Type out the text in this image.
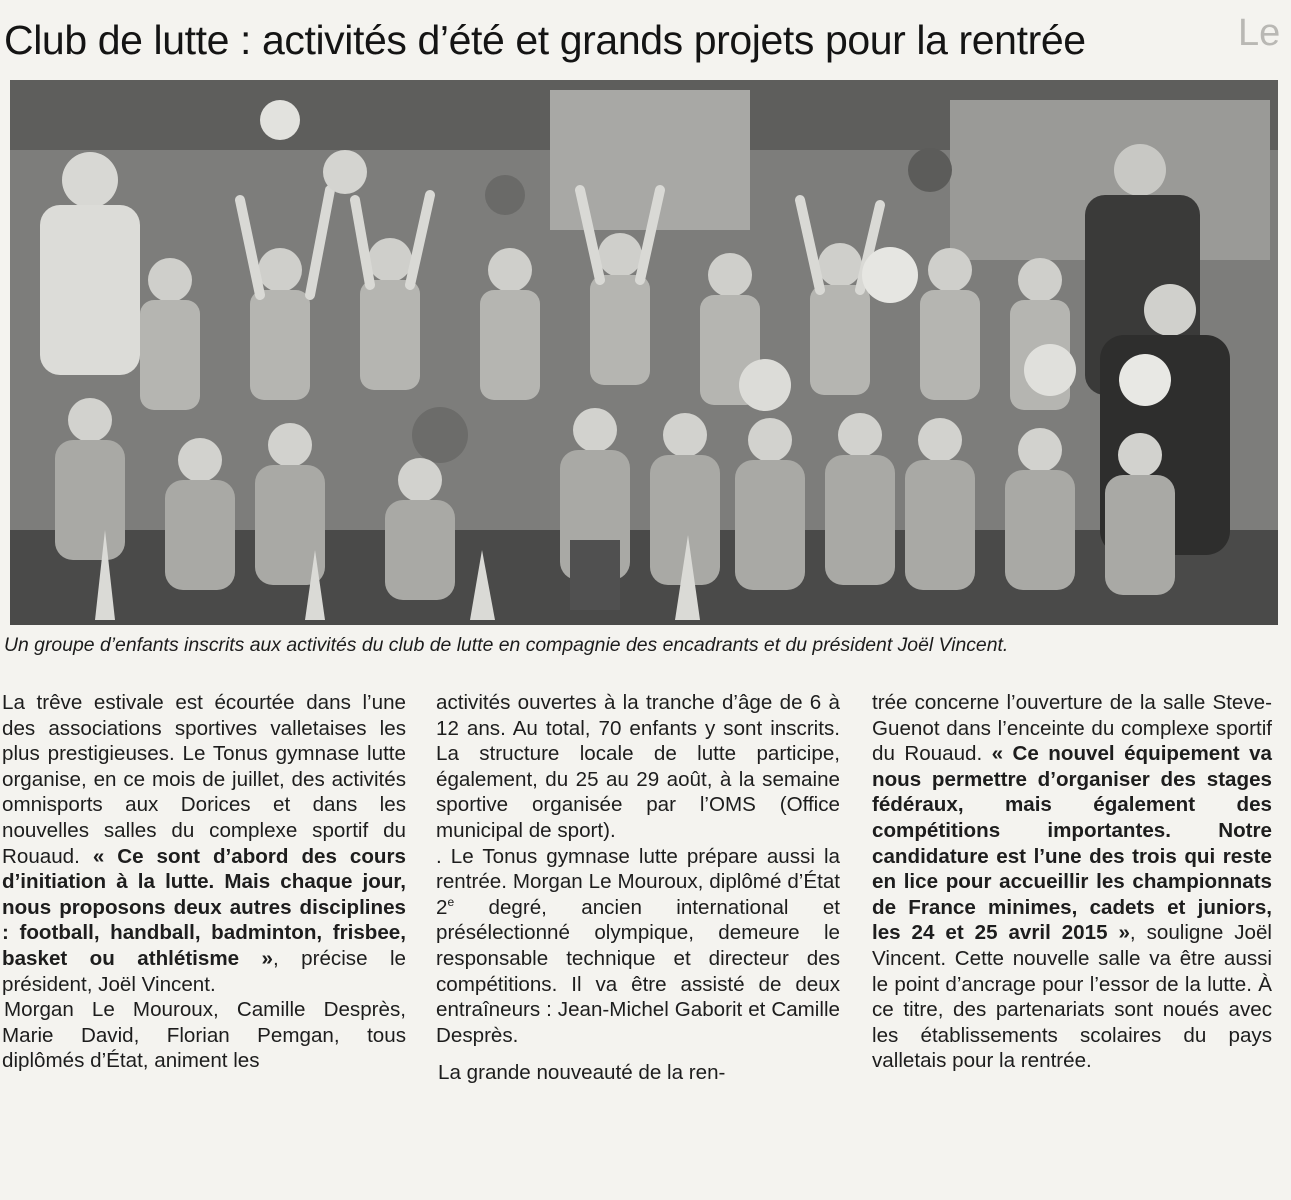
Club de lutte : activités d’été et grands projets pour la rentrée	Le
Un groupe d’enfants inscrits aux activités du club de lutte en compagnie des encadrants et du président Joël Vincent.

La trêve estivale est écourtée dans l’une des associations sportives valletaises les plus prestigieuses. Le Tonus gymnase lutte organise, en ce mois de juillet, des activités omnisports aux Dorices et dans les nouvelles salles du complexe sportif du Rouaud. « Ce sont d’abord des cours d’initiation à la lutte. Mais chaque jour, nous proposons deux autres disciplines : football, handball, badminton, frisbee, basket ou athlétisme », précise le président, Joël Vincent.

Morgan Le Mouroux, Camille Desprès, Marie David, Florian Pemgan, tous diplômés d’État, animent les

activités ouvertes à la tranche d’âge de 6 à 12 ans. Au total, 70 enfants y sont inscrits. La structure locale de lutte participe, également, du 25 au 29 août, à la semaine sportive organisée par l’OMS (Office municipal de sport).

. Le Tonus gymnase lutte prépare aussi la rentrée. Morgan Le Mouroux, diplômé d’État 2e degré, ancien international et présélectionné olympique, demeure le responsable technique et directeur des compétitions. Il va être assisté de deux entraîneurs : Jean-Michel Gaborit et Camille Desprès.

La grande nouveauté de la ren-

trée concerne l’ouverture de la salle Steve-Guenot dans l’enceinte du complexe sportif du Rouaud. « Ce nouvel équipement va nous permettre d’organiser des stages fédéraux, mais également des compétitions importantes. Notre candidature est l’une des trois qui reste en lice pour accueillir les championnats de France minimes, cadets et juniors, les 24 et 25 avril 2015 », souligne Joël Vincent. Cette nouvelle salle va être aussi le point d’ancrage pour l’essor de la lutte. À ce titre, des partenariats sont noués avec les établissements scolaires du pays valletais pour la rentrée.
